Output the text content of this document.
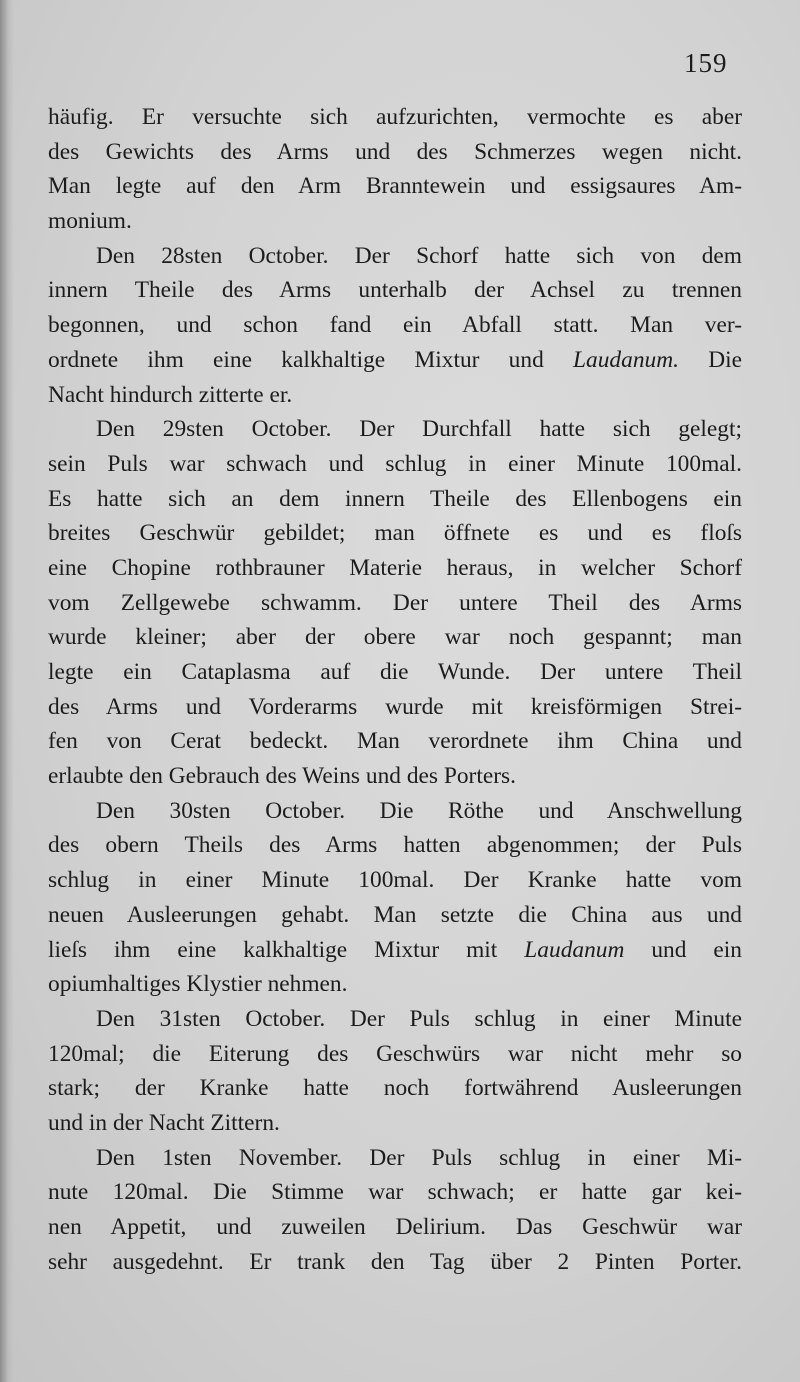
159
häufig. Er versuchte sich aufzurichten, vermochte es aber
des Gewichts des Arms und des Schmerzes wegen nicht.
Man legte auf den Arm Branntewein und essigsaures Am-
monium.
Den 28sten October. Der Schorf hatte sich von dem
innern Theile des Arms unterhalb der Achsel zu trennen
begonnen, und schon fand ein Abfall statt. Man ver-
ordnete ihm eine kalkhaltige Mixtur und Laudanum. Die
Nacht hindurch zitterte er.
Den 29sten October. Der Durchfall hatte sich gelegt;
sein Puls war schwach und schlug in einer Minute 100mal.
Es hatte sich an dem innern Theile des Ellenbogens ein
breites Geschwür gebildet; man öffnete es und es floſs
eine Chopine rothbrauner Materie heraus, in welcher Schorf
vom Zellgewebe schwamm. Der untere Theil des Arms
wurde kleiner; aber der obere war noch gespannt; man
legte ein Cataplasma auf die Wunde. Der untere Theil
des Arms und Vorderarms wurde mit kreisförmigen Strei-
fen von Cerat bedeckt. Man verordnete ihm China und
erlaubte den Gebrauch des Weins und des Porters.
Den 30sten October. Die Röthe und Anschwellung
des obern Theils des Arms hatten abgenommen; der Puls
schlug in einer Minute 100mal. Der Kranke hatte vom
neuen Ausleerungen gehabt. Man setzte die China aus und
lieſs ihm eine kalkhaltige Mixtur mit Laudanum und ein
opiumhaltiges Klystier nehmen.
Den 31sten October. Der Puls schlug in einer Minute
120mal; die Eiterung des Geschwürs war nicht mehr so
stark; der Kranke hatte noch fortwährend Ausleerungen
und in der Nacht Zittern.
Den 1sten November. Der Puls schlug in einer Mi-
nute 120mal. Die Stimme war schwach; er hatte gar kei-
nen Appetit, und zuweilen Delirium. Das Geschwür war
sehr ausgedehnt. Er trank den Tag über 2 Pinten Porter.
